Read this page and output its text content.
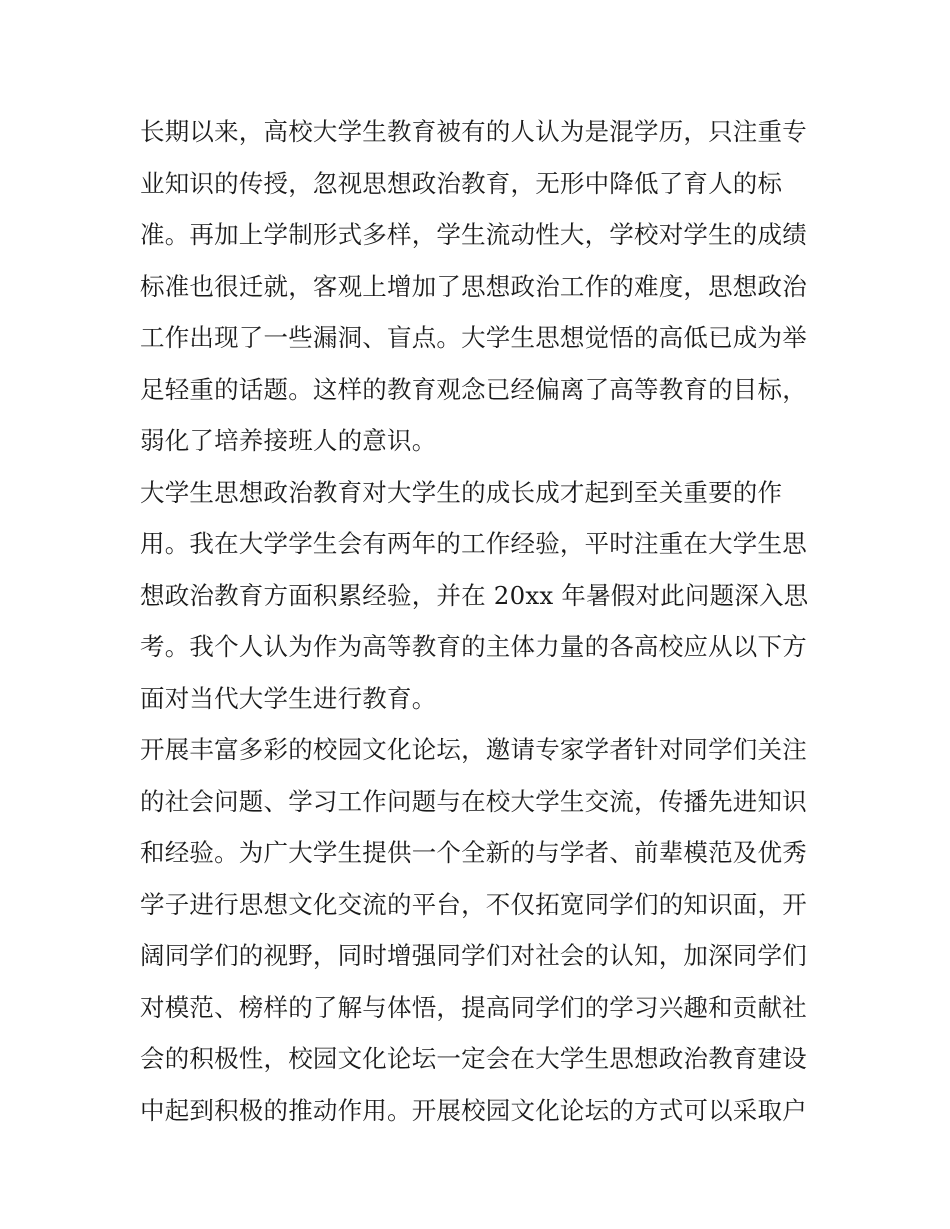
长期以来，高校大学生教育被有的人认为是混学历，只注重专
业知识的传授，忽视思想政治教育，无形中降低了育人的标
准。再加上学制形式多样，学生流动性大，学校对学生的成绩
标准也很迁就，客观上增加了思想政治工作的难度，思想政治
工作出现了一些漏洞、盲点。大学生思想觉悟的高低已成为举
足轻重的话题。这样的教育观念已经偏离了高等教育的目标，
弱化了培养接班人的意识。
大学生思想政治教育对大学生的成长成才起到至关重要的作
用。我在大学学生会有两年的工作经验，平时注重在大学生思
想政治教育方面积累经验，并在 20xx 年暑假对此问题深入思
考。我个人认为作为高等教育的主体力量的各高校应从以下方
面对当代大学生进行教育。
开展丰富多彩的校园文化论坛，邀请专家学者针对同学们关注
的社会问题、学习工作问题与在校大学生交流，传播先进知识
和经验。为广大学生提供一个全新的与学者、前辈模范及优秀
学子进行思想文化交流的平台，不仅拓宽同学们的知识面，开
阔同学们的视野，同时增强同学们对社会的认知，加深同学们
对模范、榜样的了解与体悟，提高同学们的学习兴趣和贡献社
会的积极性，校园文化论坛一定会在大学生思想政治教育建设
中起到积极的推动作用。开展校园文化论坛的方式可以采取户
